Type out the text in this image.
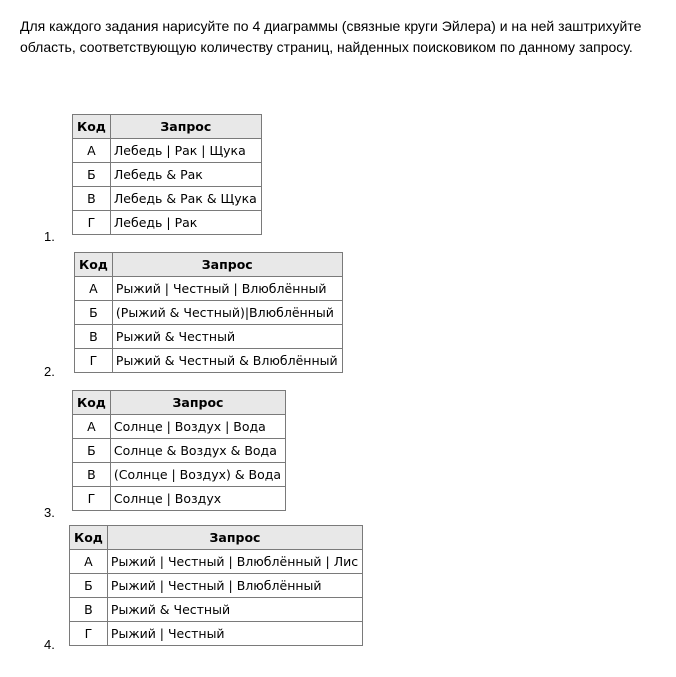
Для каждого задания нарисуйте по 4 диаграммы (связные круги Эйлера) и на ней заштрихуйте область, соответствующую количеству страниц, найденных поисковиком по данному запросу.
Код	Запрос
А	Лебедь | Рак | Щука
Б	Лебедь & Рак
В	Лебедь & Рак & Щука
Г	Лебедь | Рак
1.
Код	Запрос
А	Рыжий | Честный | Влюблённый
Б	(Рыжий & Честный)|Влюблённый
В	Рыжий & Честный
Г	Рыжий & Честный & Влюблённый
2.
Код	Запрос
А	Солнце | Воздух | Вода
Б	Солнце & Воздух & Вода
В	(Солнце | Воздух) & Вода
Г	Солнце | Воздух
3.
Код	Запрос
А	Рыжий | Честный | Влюблённый | Лис
Б	Рыжий | Честный | Влюблённый
В	Рыжий & Честный
Г	Рыжий | Честный
4.
